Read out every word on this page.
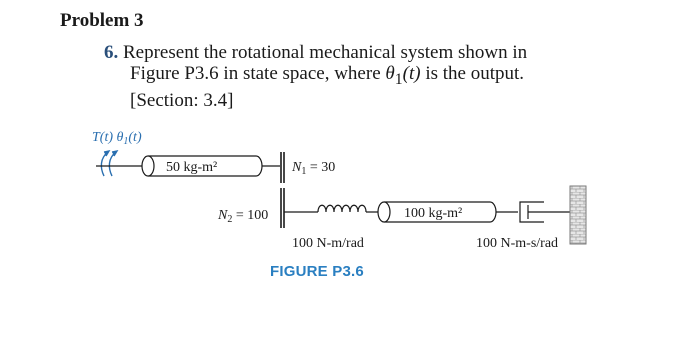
Problem 3
6. Represent the rotational mechanical system shown in
Figure P3.6 in state space, where $\theta_1(t)$ is the output.
[Section: 3.4]
T(t) $\theta_1(t)$
50 kg-m²	$N_1 = 30$
$N_2 = 100$
100 N-m/rad
100 kg-m²
100 N-m-s/rad
FIGURE P3.6
